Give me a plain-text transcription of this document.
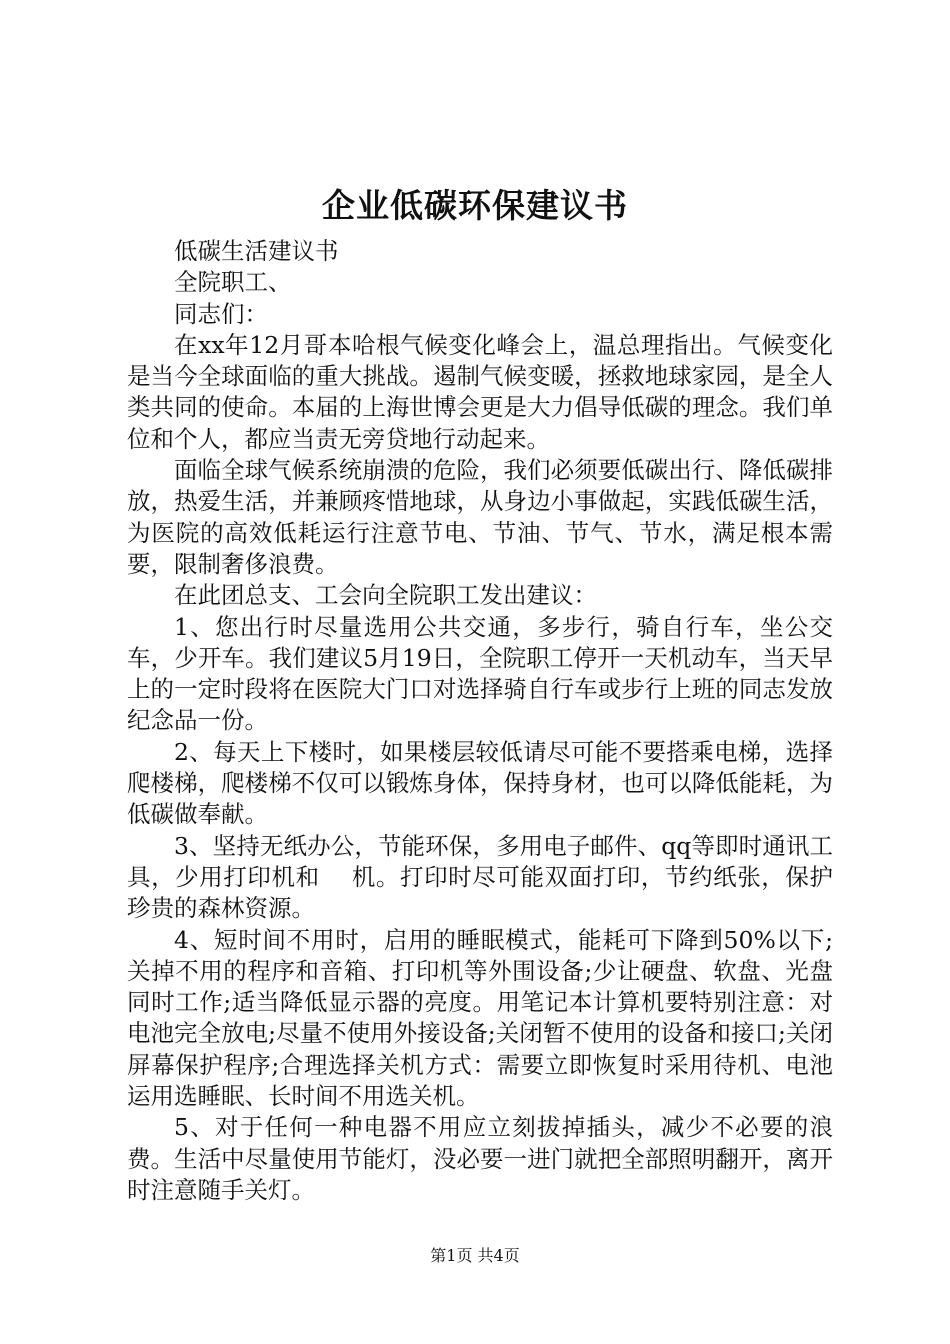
企业低碳环保建议书

低碳生活建议书

全院职工、

同志们：

在xx年12月哥本哈根气候变化峰会上，温总理指出。气候变化是当今全球面临的重大挑战。遏制气候变暖，拯救地球家园，是全人类共同的使命。本届的上海世博会更是大力倡导低碳的理念。我们单位和个人，都应当责无旁贷地行动起来。

面临全球气候系统崩溃的危险，我们必须要低碳出行、降低碳排放，热爱生活，并兼顾疼惜地球，从身边小事做起，实践低碳生活，为医院的高效低耗运行注意节电、节油、节气、节水，满足根本需要，限制奢侈浪费。

在此团总支、工会向全院职工发出建议：

1、您出行时尽量选用公共交通，多步行，骑自行车，坐公交车，少开车。我们建议5月19日，全院职工停开一天机动车，当天早上的一定时段将在医院大门口对选择骑自行车或步行上班的同志发放纪念品一份。

2、每天上下楼时，如果楼层较低请尽可能不要搭乘电梯，选择爬楼梯，爬楼梯不仅可以锻炼身体，保持身材，也可以降低能耗，为低碳做奉献。

3、坚持无纸办公，节能环保，多用电子邮件、qq等即时通讯工具，少用打印机和　 机。打印时尽可能双面打印，节约纸张，保护珍贵的森林资源。

4、短时间不用时，启用的睡眠模式，能耗可下降到50%以下;关掉不用的程序和音箱、打印机等外围设备;少让硬盘、软盘、光盘同时工作;适当降低显示器的亮度。用笔记本计算机要特别注意：对电池完全放电;尽量不使用外接设备;关闭暂不使用的设备和接口;关闭屏幕保护程序;合理选择关机方式：需要立即恢复时采用待机、电池运用选睡眠、长时间不用选关机。

5、对于任何一种电器不用应立刻拔掉插头，减少不必要的浪费。生活中尽量使用节能灯，没必要一进门就把全部照明翻开，离开时注意随手关灯。

第1页 共4页
